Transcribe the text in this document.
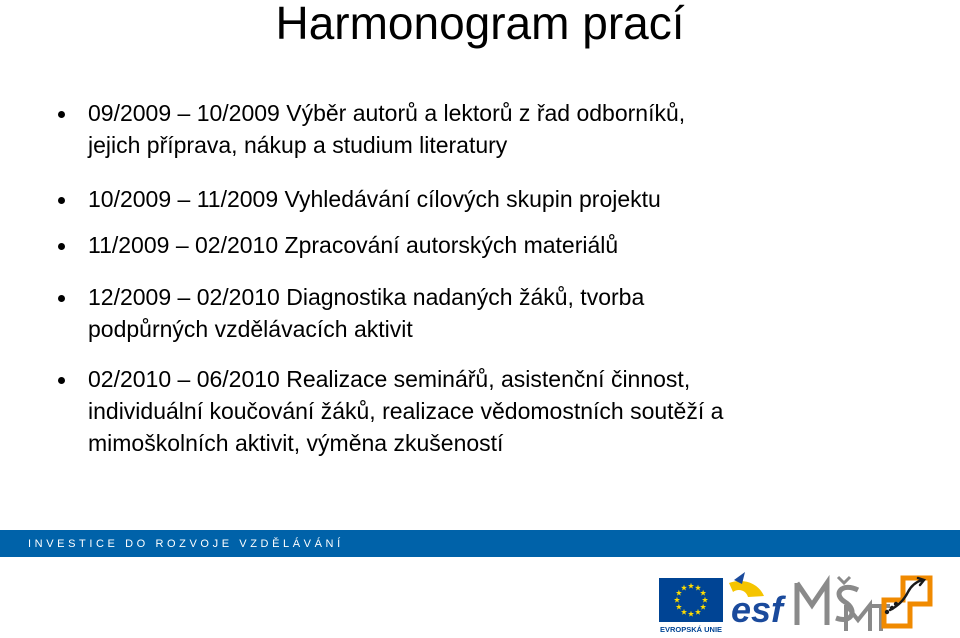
Harmonogram prací
09/2009 – 10/2009 Výběr autorů a lektorů z řad odborníků,
jejich příprava, nákup a studium literatury
10/2009 – 11/2009 Vyhledávání cílových skupin projektu
11/2009 – 02/2010 Zpracování autorských materiálů
12/2009 – 02/2010 Diagnostika nadaných žáků, tvorba
podpůrných vzdělávacích aktivit
02/2010 – 06/2010 Realizace seminářů, asistenční činnost,
individuální koučování žáků, realizace vědomostních soutěží a
mimoškolních aktivit, výměna zkušeností
INVESTICE DO ROZVOJE VZDĚLÁVÁNÍ
EVROPSKÁ UNIE esf
MŠMT
